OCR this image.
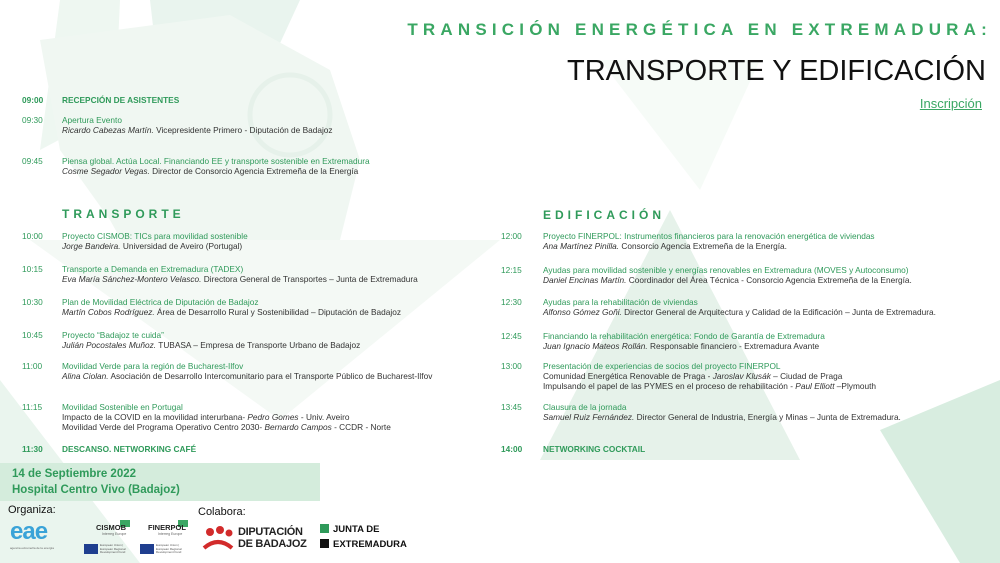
TRANSICIÓN ENERGÉTICA EN EXTREMADURA:
TRANSPORTE Y EDIFICACIÓN
Inscripción
09:00 RECEPCIÓN DE ASISTENTES
09:30 Apertura Evento
Ricardo Cabezas Martín. Vicepresidente Primero - Diputación de Badajoz
09:45 Piensa global. Actúa Local. Financiando EE y transporte sostenible en Extremadura
Cosme Segador Vegas. Director de Consorcio Agencia Extremeña de la Energía
TRANSPORTE	EDIFICACIÓN
10:00 Proyecto CISMOB: TICs para movilidad sostenible
Jorge Bandeira. Universidad de Aveiro (Portugal)
10:15 Transporte a Demanda en Extremadura (TADEX)
Eva María Sánchez-Montero Velasco. Directora General de Transportes – Junta de Extremadura
10:30 Plan de Movilidad Eléctrica de Diputación de Badajoz
Martín Cobos Rodríguez. Área de Desarrollo Rural y Sostenibilidad – Diputación de Badajoz
10:45 Proyecto “Badajoz te cuida”
Julián Pocostales Muñoz. TUBASA – Empresa de Transporte Urbano de Badajoz
11:00 Movilidad Verde para la región de Bucharest-Ilfov
Alina Ciolan. Asociación de Desarrollo Intercomunitario para el Transporte Público de Bucharest-Ilfov
11:15 Movilidad Sostenible en Portugal
Impacto de la COVID en la movilidad interurbana- Pedro Gomes - Univ. Aveiro
Movilidad Verde del Programa Operativo Centro 2030- Bernardo Campos - CCDR - Norte
11:30 DESCANSO. NETWORKING CAFÉ
12:00	Proyecto FINERPOL: Instrumentos financieros para la renovación energética de viviendas
Ana Martínez Pinilla. Consorcio Agencia Extremeña de la Energía.
12:15	Ayudas para movilidad sostenible y energías renovables en Extremadura (MOVES y Autoconsumo)
Daniel Encinas Martín. Coordinador del Área Técnica - Consorcio Agencia Extremeña de la Energía.
12:30	Ayudas para la rehabilitación de viviendas
Alfonso Gómez Goñi. Director General de Arquitectura y Calidad de la Edificación – Junta de Extremadura.
12:45	Financiando la rehabilitación energética: Fondo de Garantía de Extremadura
Juan Ignacio Mateos Rollán. Responsable financiero - Extremadura Avante
13:00	Presentación de experiencias de socios del proyecto FINERPOL
Comunidad Energética Renovable de Praga - Jaroslav Klusák – Ciudad de Praga
Impulsando el papel de las PYMES en el proceso de rehabilitación - Paul Elliott –Plymouth
13:45	Clausura de la jornada
Samuel Ruiz Fernández. Director General de Industria, Energía y Minas – Junta de Extremadura.
14:00	NETWORKING COCKTAIL
14 de Septiembre 2022
Hospital Centro Vivo (Badajoz)
Organiza:	Colabora:
eae
agencia extremeña de la energía
CISMOB
Interreg Europe
European Union | European Regional Development Fund
FINERPOL
Interreg Europe
European Union | European Regional Development Fund
DIPUTACIÓN
DE BADAJOZ
JUNTA DE
EXTREMADURA
